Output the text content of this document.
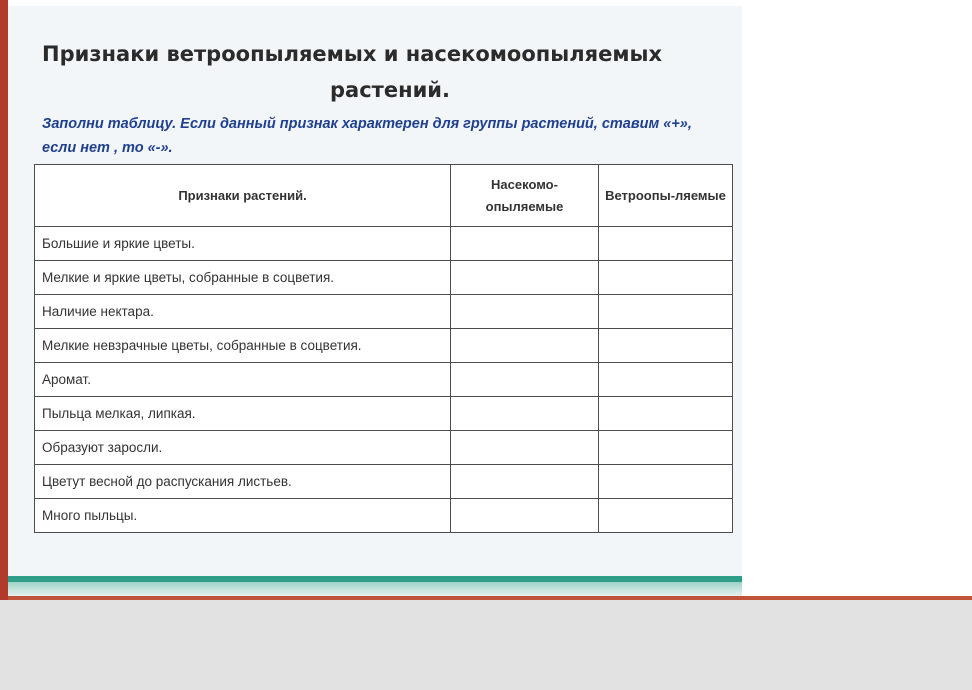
Признаки ветроопыляемых и насекомоопыляемых
растений.

Заполни таблицу. Если данный признак характерен для группы растений, ставим «+», если нет , то «-».

Признаки растений.	Насекомо-опыляемые	Ветроопы-ляемые
Большие и яркие цветы.		
Мелкие и яркие цветы, собранные в соцветия.		
Наличие нектара.		
Мелкие невзрачные цветы, собранные в соцветия.		
Аромат.		
Пыльца мелкая, липкая.		
Образуют заросли.		
Цветут весной до распускания листьев.		
Много пыльцы.		
